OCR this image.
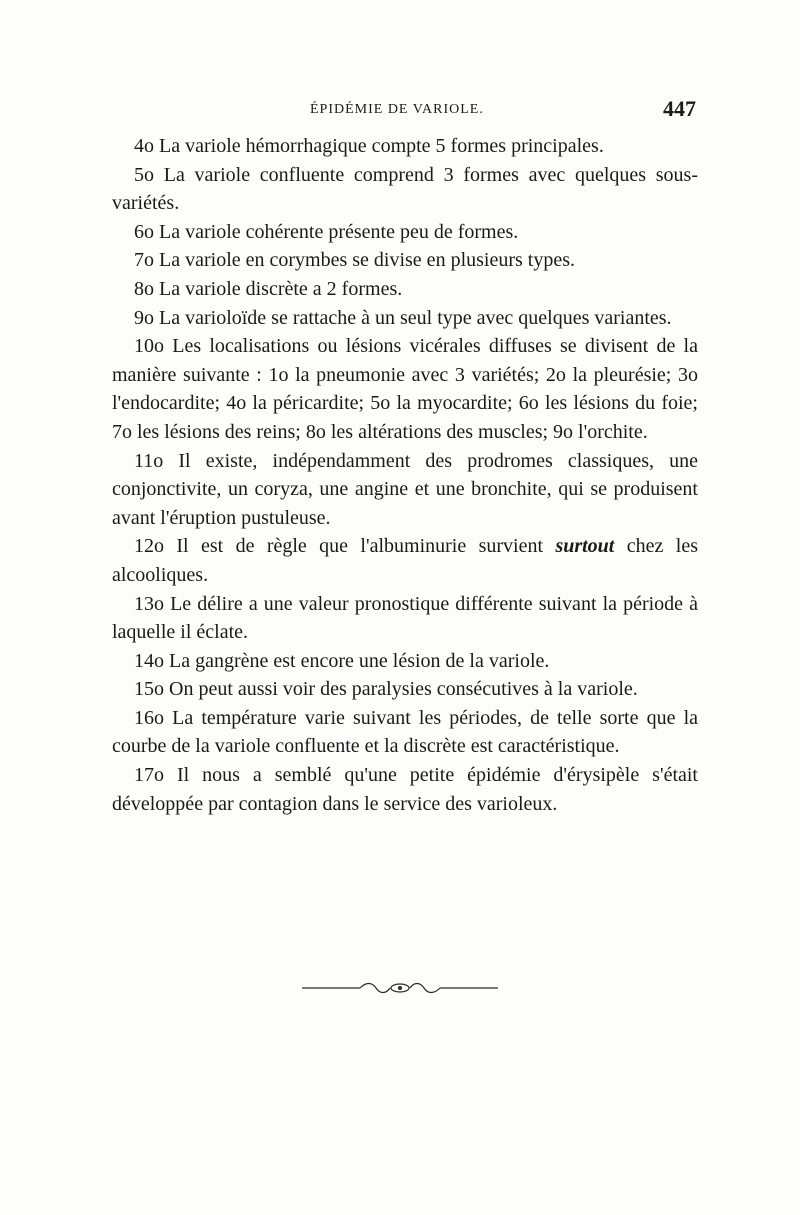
ÉPIDÉMIE DE VARIOLE.	447

4o La variole hémorrhagique compte 5 formes principales.

5o La variole confluente comprend 3 formes avec quelques sous-variétés.

6o La variole cohérente présente peu de formes.

7o La variole en corymbes se divise en plusieurs types.

8o La variole discrète a 2 formes.

9o La varioloïde se rattache à un seul type avec quelques variantes.

10o Les localisations ou lésions vicérales diffuses se divisent de la manière suivante : 1o la pneumonie avec 3 variétés; 2o la pleurésie; 3o l'endocardite; 4o la péricardite; 5o la myocardite; 6o les lésions du foie; 7o les lésions des reins; 8o les altérations des muscles; 9o l'orchite.

11o Il existe, indépendamment des prodromes classiques, une conjonctivite, un coryza, une angine et une bronchite, qui se produisent avant l'éruption pustuleuse.

12o Il est de règle que l'albuminurie survient surtout chez les alcooliques.

13o Le délire a une valeur pronostique différente suivant la période à laquelle il éclate.

14o La gangrène est encore une lésion de la variole.

15o On peut aussi voir des paralysies consécutives à la variole.

16o La température varie suivant les périodes, de telle sorte que la courbe de la variole confluente et la discrète est caractéristique.

17o Il nous a semblé qu'une petite épidémie d'érysipèle s'était développée par contagion dans le service des varioleux.
